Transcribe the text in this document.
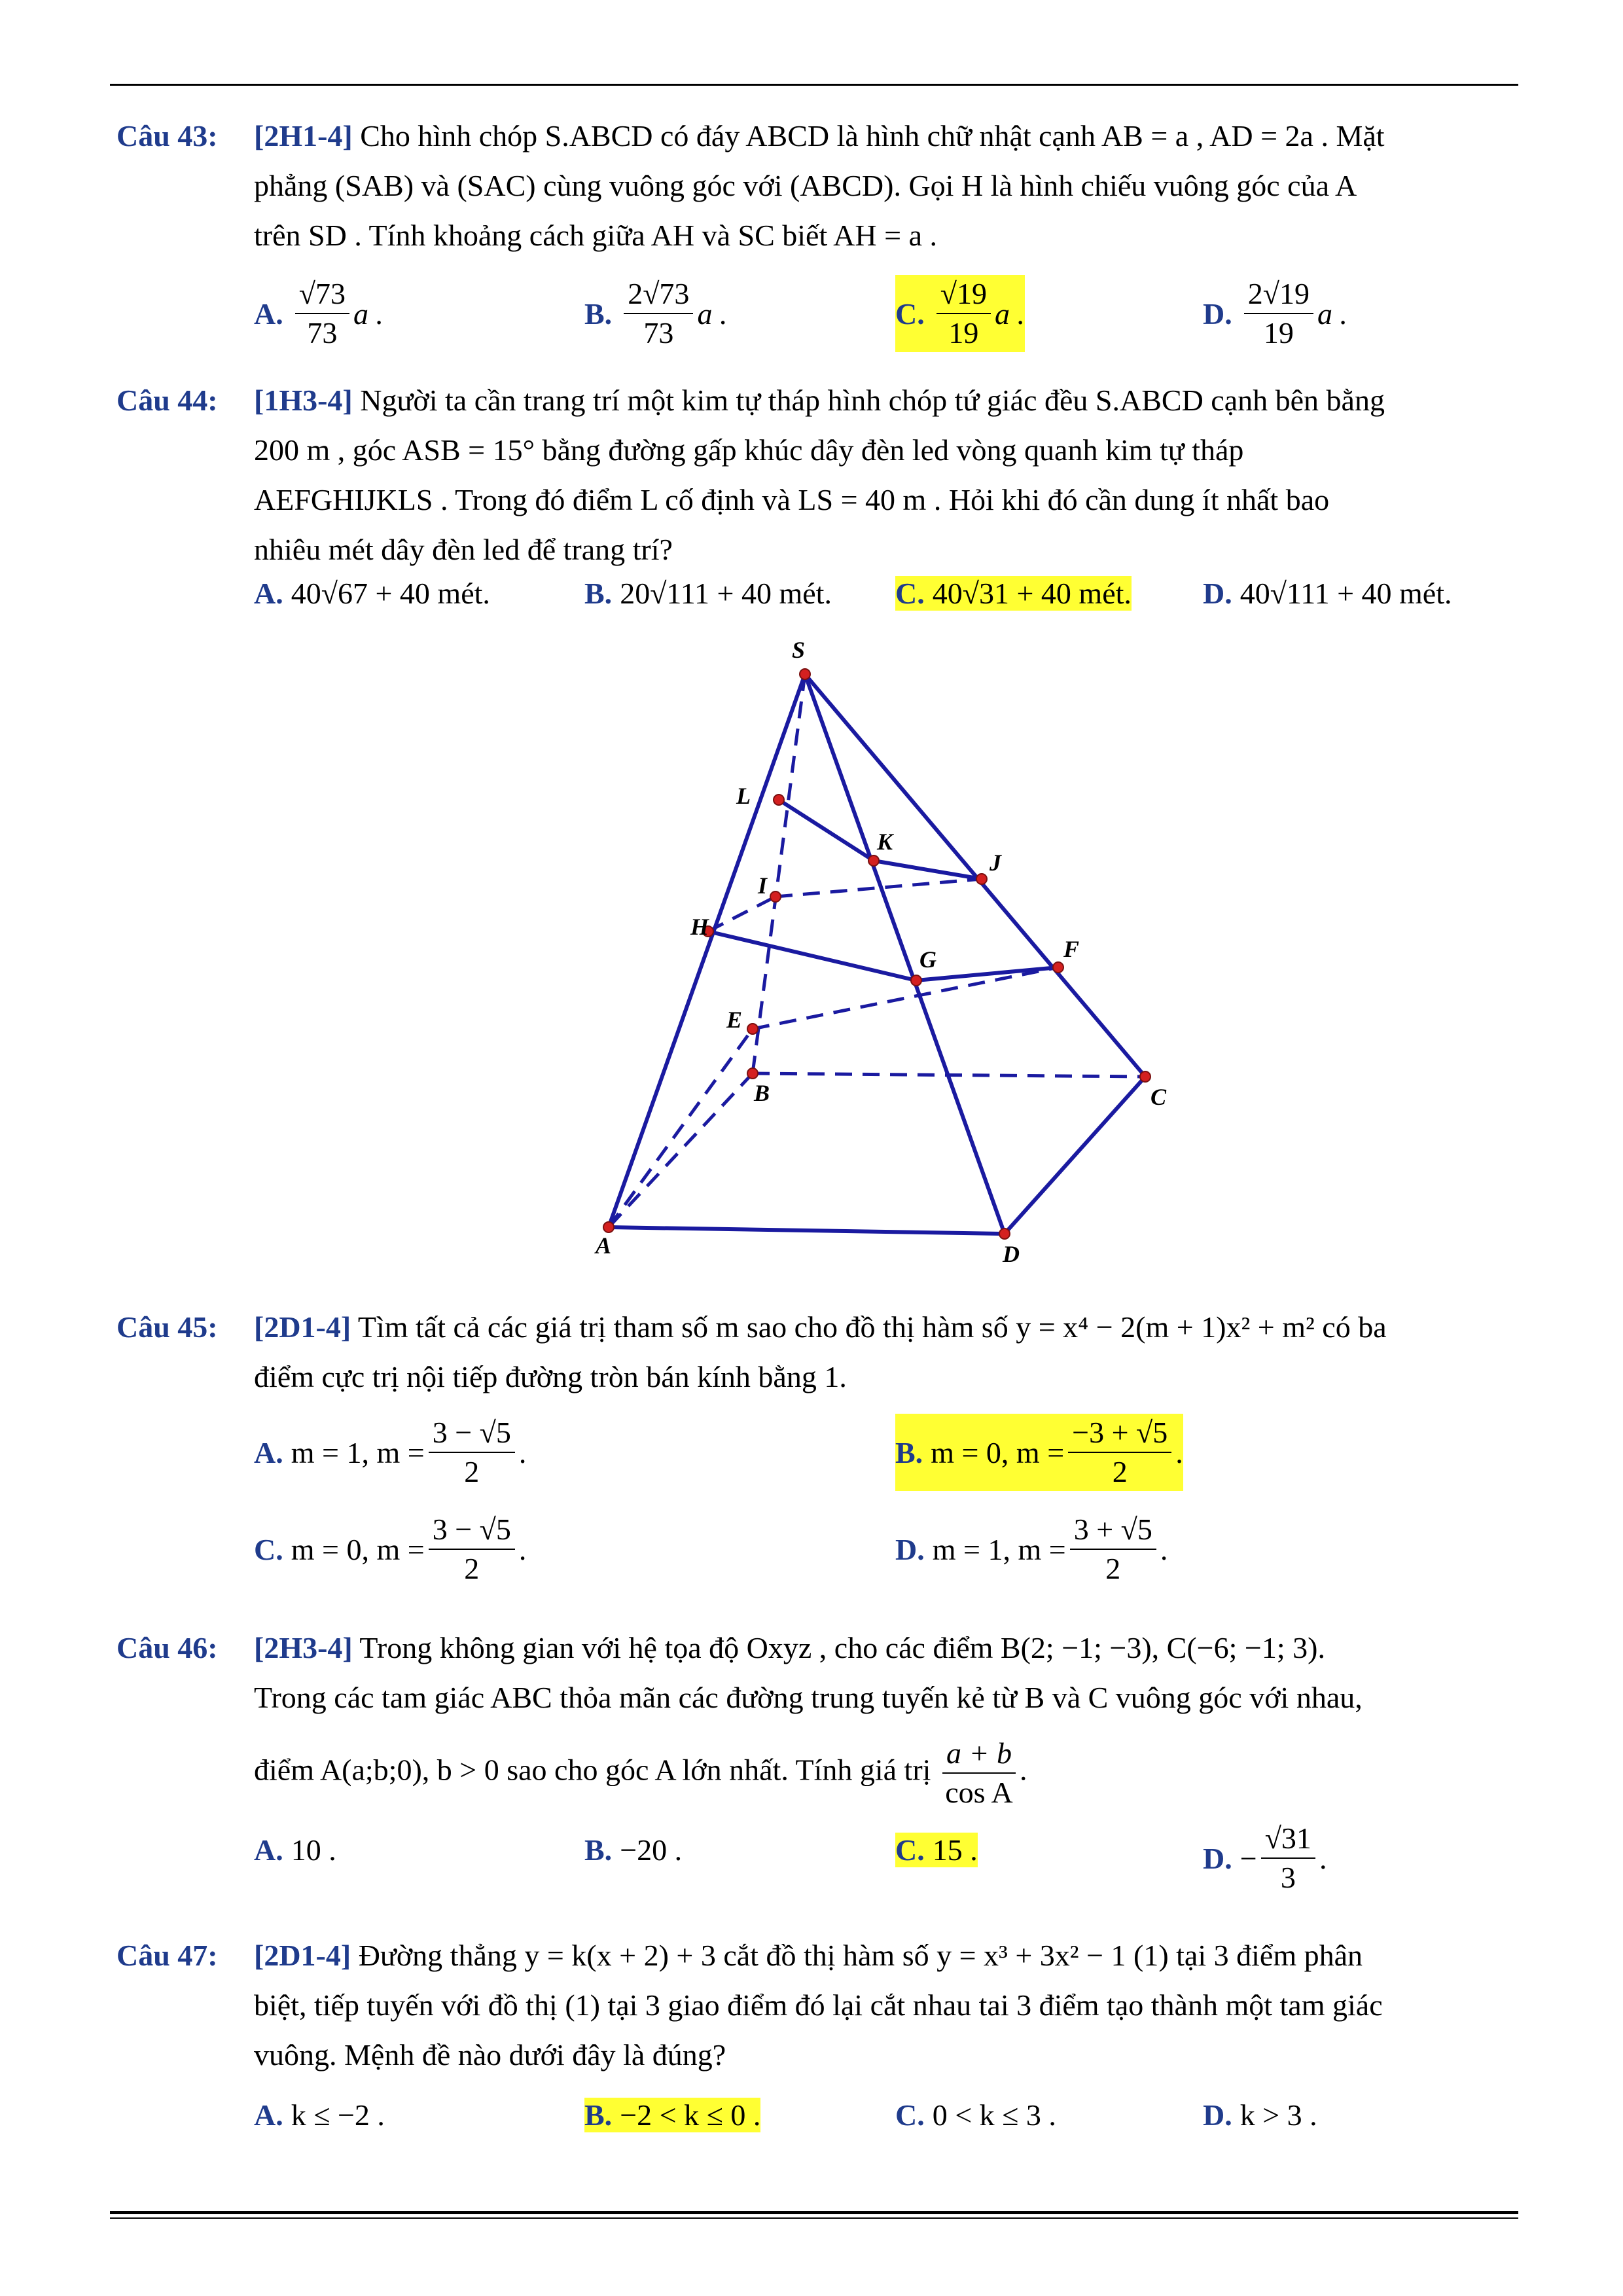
Câu 43: [2H1-4] Cho hình chóp S.ABCD có đáy ABCD là hình chữ nhật cạnh AB = a , AD = 2a . Mặt
phẳng (SAB) và (SAC) cùng vuông góc với (ABCD). Gọi H là hình chiếu vuông góc của A
trên SD . Tính khoảng cách giữa AH và SC biết AH = a .
A. $\frac{√73}{73}$ a .	B. $\frac{2√73}{73}$ a .	C. $\frac{√19}{19}$ a .	D. $\frac{2√19}{19}$ a .
Câu 44: [1H3-4] Người ta cần trang trí một kim tự tháp hình chóp tứ giác đều S.ABCD cạnh bên bằng
200 m , góc ASB = 15° bằng đường gấp khúc dây đèn led vòng quanh kim tự tháp
AEFGHIJKLS . Trong đó điểm L cố định và LS = 40 m . Hỏi khi đó cần dung ít nhất bao
nhiêu mét dây đèn led để trang trí?
A. 40√67 + 40 mét.	B. 20√111 + 40 mét. C. 40√31 + 40 mét. D. 40√111 + 40 mét.
S
L
K
J
I
H
G	F
E
B	C
A	D
Câu 45: [2D1-4] Tìm tất cả các giá trị tham số m sao cho đồ thị hàm số y = x⁴ − 2(m + 1)x² + m² có ba
điểm cực trị nội tiếp đường tròn bán kính bằng 1.
A. m = 1, $m = \frac{3 - √5}{2}$ .	B. m = 0, $m = \frac{-3 + √5}{2}$ .
C. m = 0, $m = \frac{3 - √5}{2}$ .	D. m = 1, $m = \frac{3 + √5}{2}$ .
Câu 46: [2H3-4] Trong không gian với hệ tọa độ Oxyz , cho các điểm B(2; −1; −3), C(−6; −1; 3).
Trong các tam giác ABC thỏa mãn các đường trung tuyến kẻ từ B và C vuông góc với nhau,
điểm A(a;b;0), b > 0 sao cho góc A lớn nhất. Tính giá trị $\frac{a + b}{\text{cos A}}$ .
A. 10 .	B. −20 .	C. 15 .	D. − $\frac{√31}{3}$ .
Câu 47: [2D1-4] Đường thẳng y = k(x + 2) + 3 cắt đồ thị hàm số y = x³ + 3x² − 1 (1) tại 3 điểm phân
biệt, tiếp tuyến với đồ thị (1) tại 3 giao điểm đó lại cắt nhau tai 3 điểm tạo thành một tam giác
vuông. Mệnh đề nào dưới đây là đúng?
A. k ≤ −2 .	B. −2 < k ≤ 0 .	C. 0 < k ≤ 3 .	D. k > 3 .
